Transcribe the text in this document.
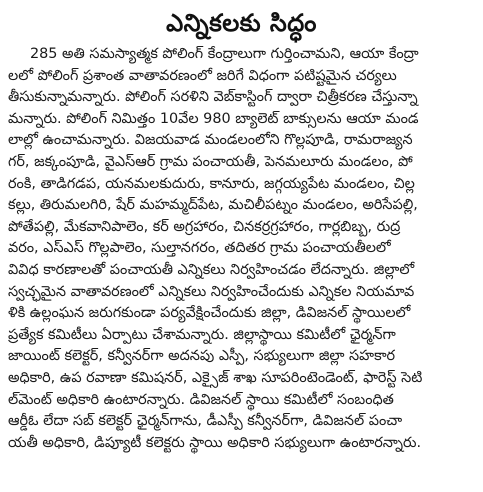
ఎన్నికలకు సిద్ధం
285 అతి సమస్యాత్మక పోలింగ్ కేంద్రాలుగా గుర్తించామని, ఆయా కేంద్రా
లలో పోలింగ్ ప్రశాంత వాతావరణంలో జరిగే విధంగా పటిష్టమైన చర్యలు
తీసుకున్నామన్నారు. పోలింగ్ సరళిని వెబ్‌కాస్టింగ్ ద్వారా చిత్రీకరణ చేస్తున్నా
మన్నారు. పోలింగ్ నిమిత్తం 10వేల 980 బ్యాలెట్ బాక్సులను ఆయా మండ
లాల్లో ఉంచామన్నారు. విజయవాడ మండలంలోని గొల్లపూడి, రామరాజ్యన
గర్, జక్కంపూడి, వైఎస్ఆర్ గ్రామ పంచాయతీ, పెనమలూరు మండలం, పో
రంకి, తాడిగడప, యనమలకుదురు, కానూరు, జగ్గయ్యపేట మండలం, చిల్ల
కల్లు, తిరుమలగిరి, షేర్ మహమ్మద్‌పేట, మచిలీపట్నం మండలం, అరిసేపల్లి,
పోతేపల్లి, మేకవానిపాలెం, కర్ అగ్రహారం, చినకర్రగ్రహారం, గార్లబిబ్బ, రుద్ర
వరం, ఎస్ఎస్ గొల్లపాలెం, సుల్తానగరం, తదితర గ్రామ పంచాయతీలలో
వివిధ కారణాలతో పంచాయతీ ఎన్నికలు నిర్వహించడం లేదన్నారు. జిల్లాలో
స్వచ్ఛమైన వాతావరణంలో ఎన్నికలు నిర్వహించేందుకు ఎన్నికల నియమావ
ళికి ఉల్లంఘన జరుగకుండా పర్యవేక్షించేందుకు జిల్లా, డివిజనల్ స్థాయిలలో
ప్రత్యేక కమిటీలు ఏర్పాటు చేశామన్నారు. జిల్లాస్థాయి కమిటీలో ఛైర్మన్‌గా
జాయింట్ కలెక్టర్, కన్వీనర్‌గా అదనపు ఎస్పీ, సభ్యులుగా జిల్లా సహకార
అధికారి, ఉప రవాణా కమిషనర్, ఎక్సైజ్ శాఖ సూపరింటెండెంట్, ఫారెస్ట్ సెటి
ల్‌మెంట్ అధికారి ఉంటారన్నారు. డివిజనల్ స్థాయి కమిటీలో సంబంధిత
ఆర్డీఓ లేదా సబ్ కలెక్టర్ ఛైర్మన్‌గాను, డీఎస్పీ కన్వీనర్‌గా, డివిజనల్ పంచా
యతీ అధికారి, డిప్యూటీ కలెక్టరు స్థాయి అధికారి సభ్యులుగా ఉంటారన్నారు.
